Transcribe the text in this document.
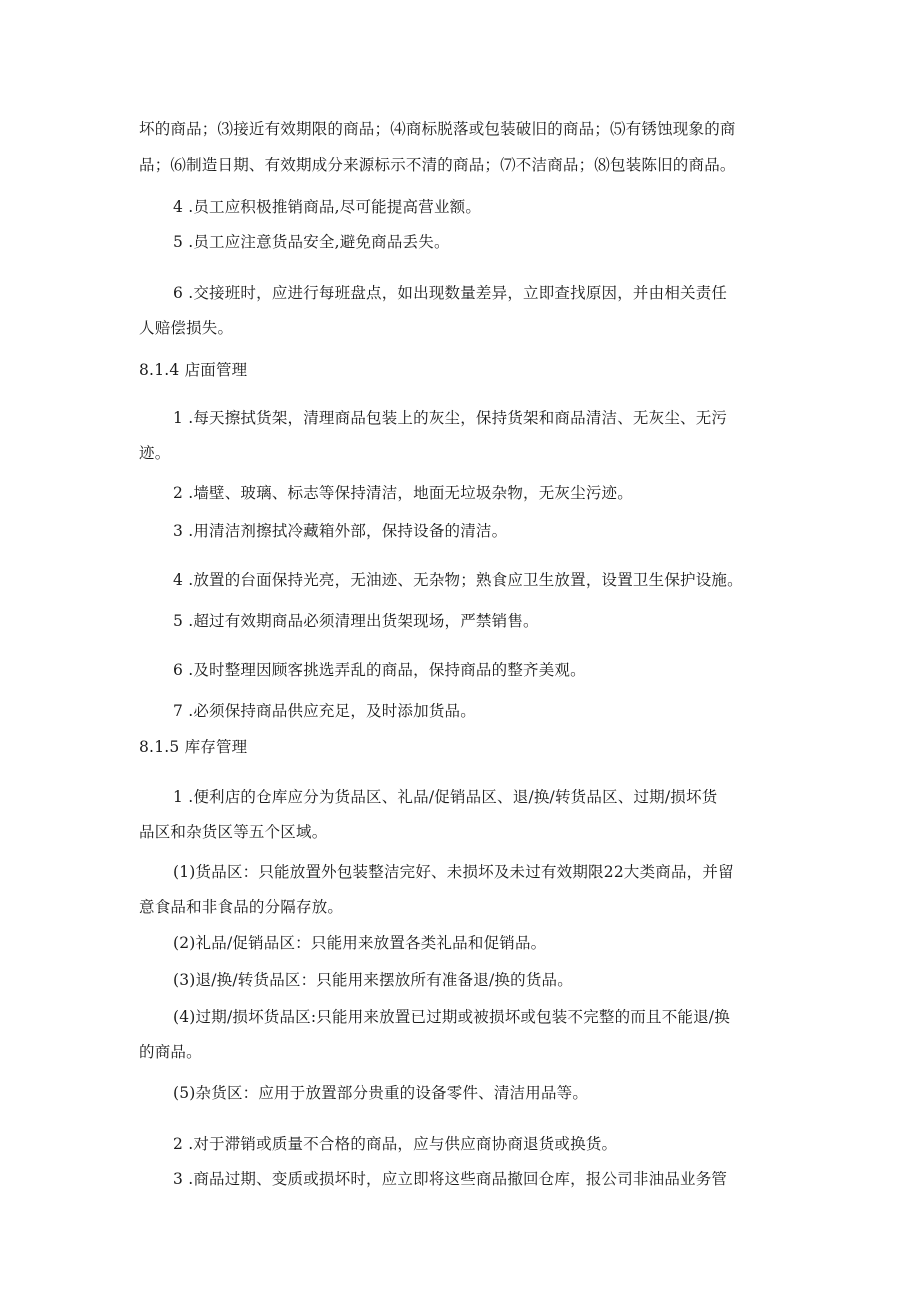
坏的商品；⑶接近有效期限的商品；⑷商标脱落或包装破旧的商品；⑸有锈蚀现象的商
品；⑹制造日期、有效期成分来源标示不清的商品；⑺不洁商品；⑻包装陈旧的商品。
4 .员工应积极推销商品,尽可能提高营业额。
5 .员工应注意货品安全,避免商品丢失。
6 .交接班时，应进行每班盘点，如出现数量差异，立即查找原因，并由相关责任
人赔偿损失。
8.1.4 店面管理
1 .每天擦拭货架，清理商品包装上的灰尘，保持货架和商品清洁、无灰尘、无污
迹。
2 .墙壁、玻璃、标志等保持清洁，地面无垃圾杂物，无灰尘污迹。
3 .用清洁剂擦拭冷藏箱外部，保持设备的清洁。
4 .放置的台面保持光亮，无油迹、无杂物；熟食应卫生放置，设置卫生保护设施。
5 .超过有效期商品必须清理出货架现场，严禁销售。
6 .及时整理因顾客挑选弄乱的商品，保持商品的整齐美观。
7 .必须保持商品供应充足，及时添加货品。
8.1.5 库存管理
1 .便利店的仓库应分为货品区、礼品/促销品区、退/换/转货品区、过期/损坏货
品区和杂货区等五个区域。
(1)货品区：只能放置外包装整洁完好、未损坏及未过有效期限22大类商品，并留
意食品和非食品的分隔存放。
(2)礼品/促销品区：只能用来放置各类礼品和促销品。
(3)退/换/转货品区：只能用来摆放所有准备退/换的货品。
(4)过期/损坏货品区:只能用来放置已过期或被损坏或包装不完整的而且不能退/换
的商品。
(5)杂货区：应用于放置部分贵重的设备零件、清洁用品等。
2 .对于滞销或质量不合格的商品，应与供应商协商退货或换货。
3 .商品过期、变质或损坏时，应立即将这些商品撤回仓库，报公司非油品业务管
